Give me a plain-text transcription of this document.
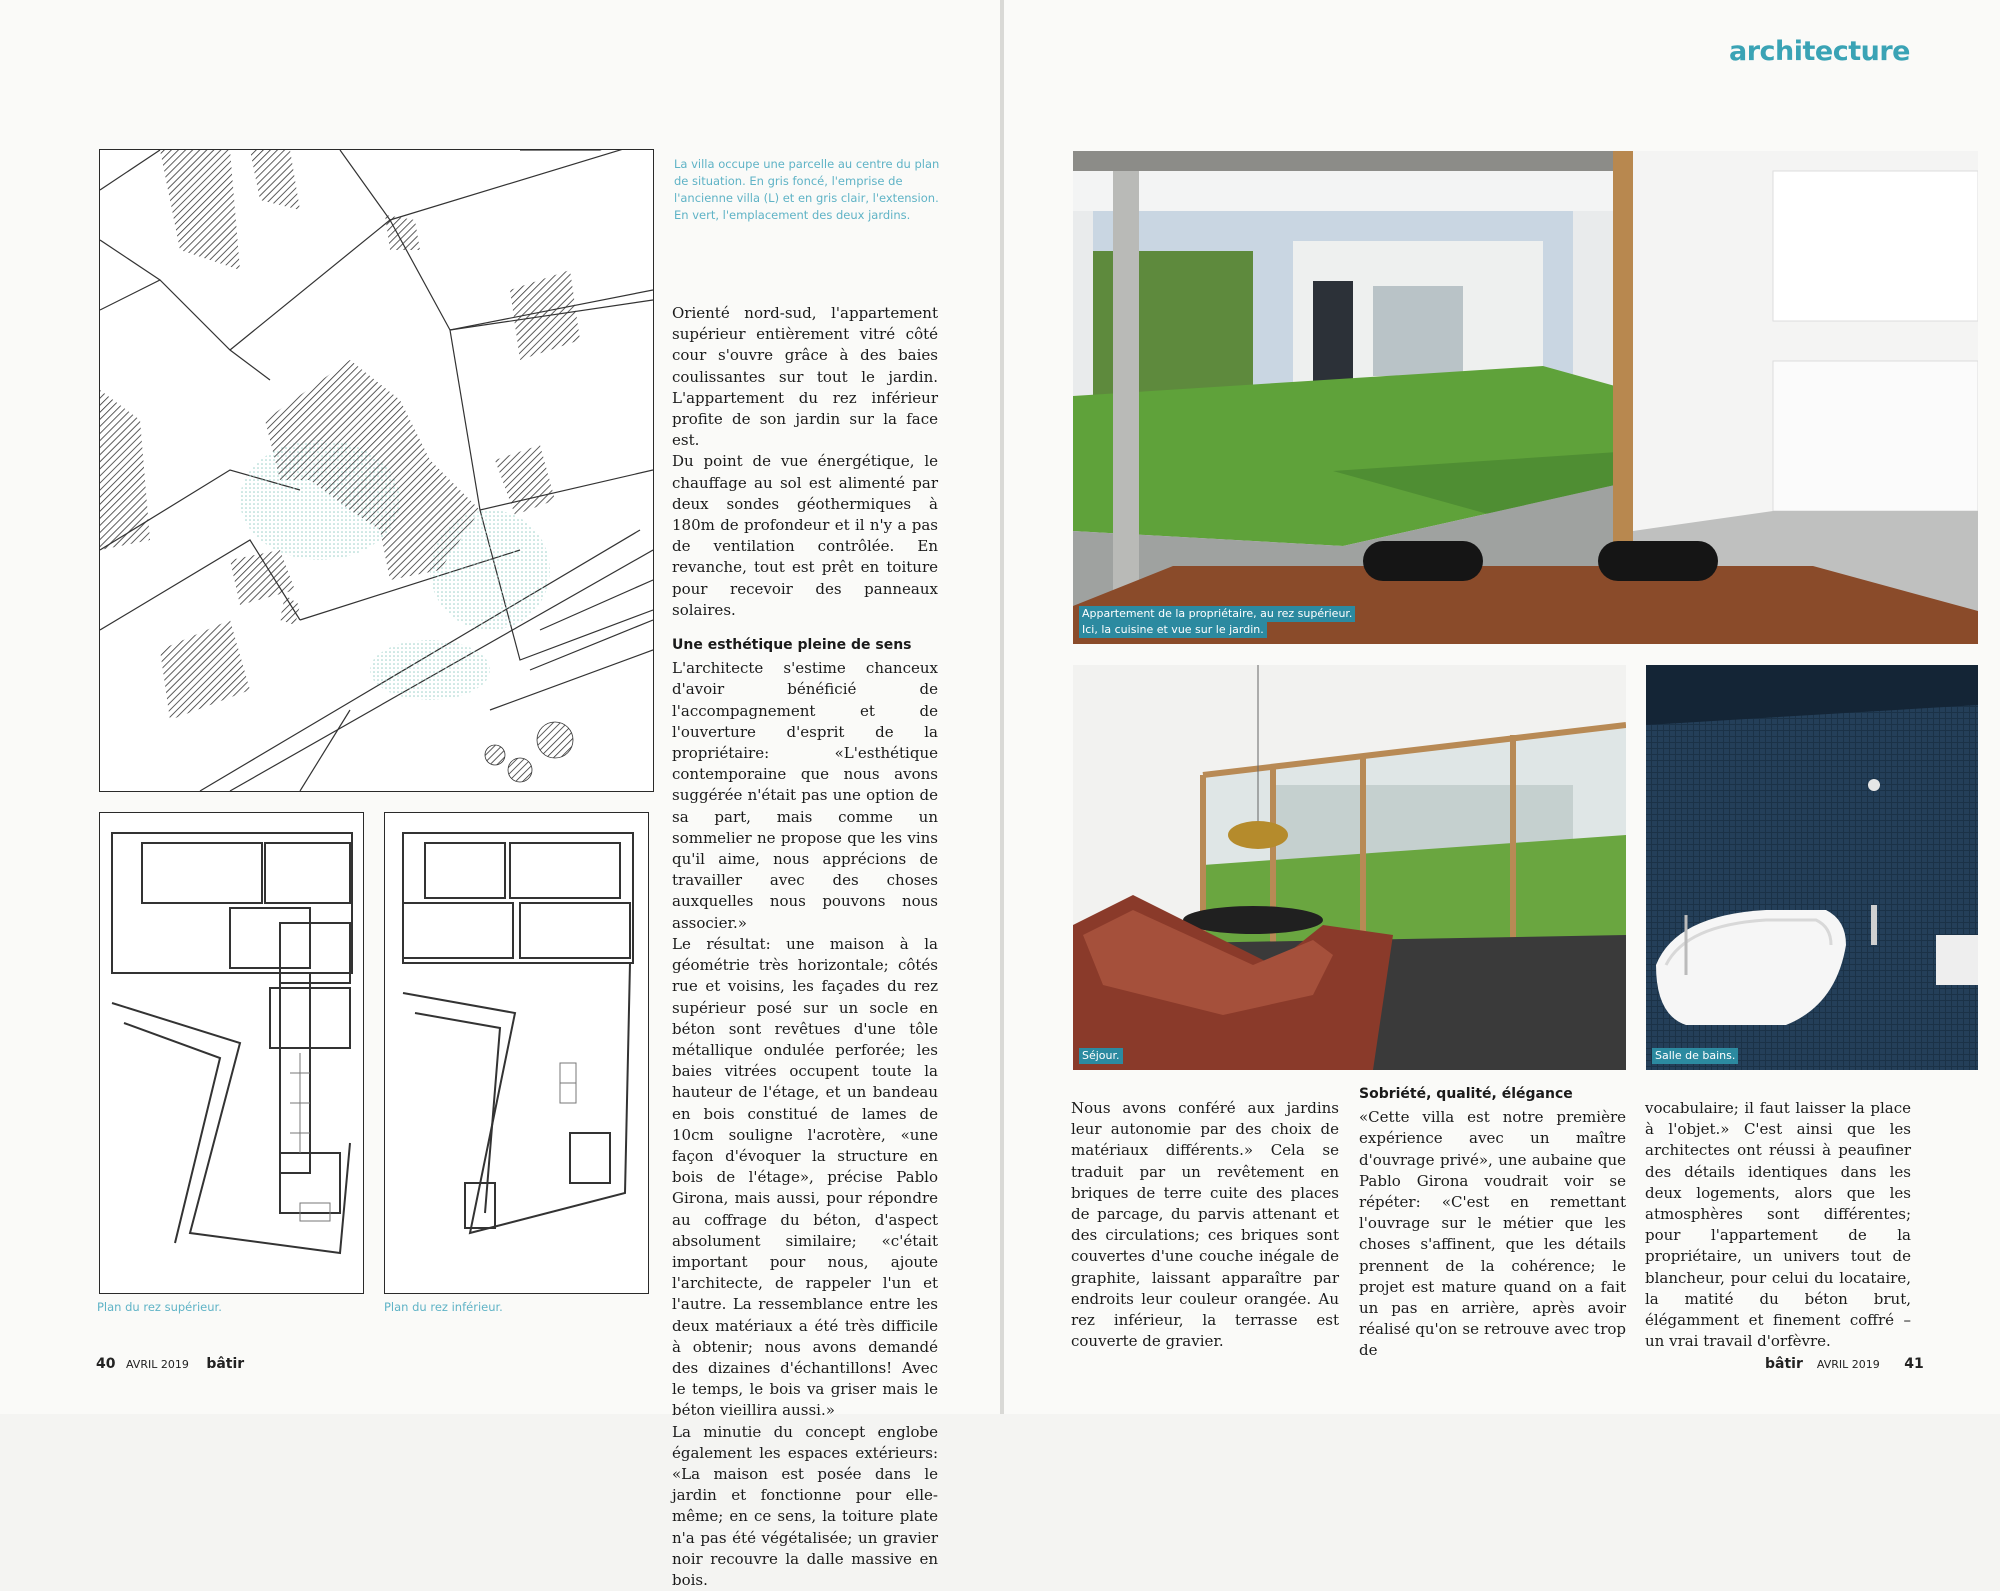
architecture
La villa occupe une parcelle au centre du plan de situation. En gris foncé, l'emprise de l'ancienne villa (L) et en gris clair, l'extension. En vert, l'emplacement des deux jardins.
Plan du rez supérieur.	Plan du rez inférieur.

Orienté nord-sud, l'appartement supérieur entièrement vitré côté cour s'ouvre grâce à des baies coulissantes sur tout le jardin. L'appartement du rez inférieur profite de son jardin sur la face est.

Du point de vue énergétique, le chauffage au sol est alimenté par deux sondes géothermiques à 180m de profondeur et il n'y a pas de ventilation contrôlée. En revanche, tout est prêt en toiture pour recevoir des panneaux solaires.

Une esthétique pleine de sens

L'architecte s'estime chanceux d'avoir bénéficié de l'accompagnement et de l'ouverture d'esprit de la propriétaire: «L'esthétique contemporaine que nous avons suggérée n'était pas une option de sa part, mais comme un sommelier ne propose que les vins qu'il aime, nous apprécions de travailler avec des choses auxquelles nous pouvons nous associer.»

Le résultat: une maison à la géométrie très horizontale; côtés rue et voisins, les façades du rez supérieur posé sur un socle en béton sont revêtues d'une tôle métallique ondulée perforée; les baies vitrées occupent toute la hauteur de l'étage, et un bandeau en bois constitué de lames de 10cm souligne l'acrotère, «une façon d'évoquer la structure en bois de l'étage», précise Pablo Girona, mais aussi, pour répondre au coffrage du béton, d'aspect absolument similaire; «c'était important pour nous, ajoute l'architecte, de rappeler l'un et l'autre. La ressemblance entre les deux matériaux a été très difficile à obtenir; nous avons demandé des dizaines d'échantillons! Avec le temps, le bois va griser mais le béton vieillira aussi.»

La minutie du concept englobe également les espaces extérieurs: «La maison est posée dans le jardin et fonctionne pour elle-même; en ce sens, la toiture plate n'a pas été végétalisée; un gravier noir recouvre la dalle massive en bois.

Appartement de la propriétaire, au rez supérieur.
Ici, la cuisine et vue sur le jardin.
Séjour.	Salle de bains.

Nous avons conféré aux jardins leur autonomie par des choix de matériaux différents.» Cela se traduit par un revêtement en briques de terre cuite des places de parcage, du parvis attenant et des circulations; ces briques sont couvertes d'une couche inégale de graphite, laissant apparaître par endroits leur couleur orangée. Au rez inférieur, la terrasse est couverte de gravier.

Sobriété, qualité, élégance

«Cette villa est notre première expérience avec un maître d'ouvrage privé», une aubaine que Pablo Girona voudrait voir se répéter: «C'est en remettant l'ouvrage sur le métier que les choses s'affinent, que les détails prennent de la cohérence; le projet est mature quand on a fait un pas en arrière, après avoir réalisé qu'on se retrouve avec trop de

vocabulaire; il faut laisser la place à l'objet.» C'est ainsi que les architectes ont réussi à peaufiner des détails identiques dans les deux logements, alors que les atmosphères sont différentes; pour l'appartement de la propriétaire, un univers tout de blancheur, pour celui du locataire, la matité du béton brut, élégamment et finement coffré – un vrai travail d'orfèvre.

40 AVRIL 2019 bâtir	bâtir AVRIL 2019 41
